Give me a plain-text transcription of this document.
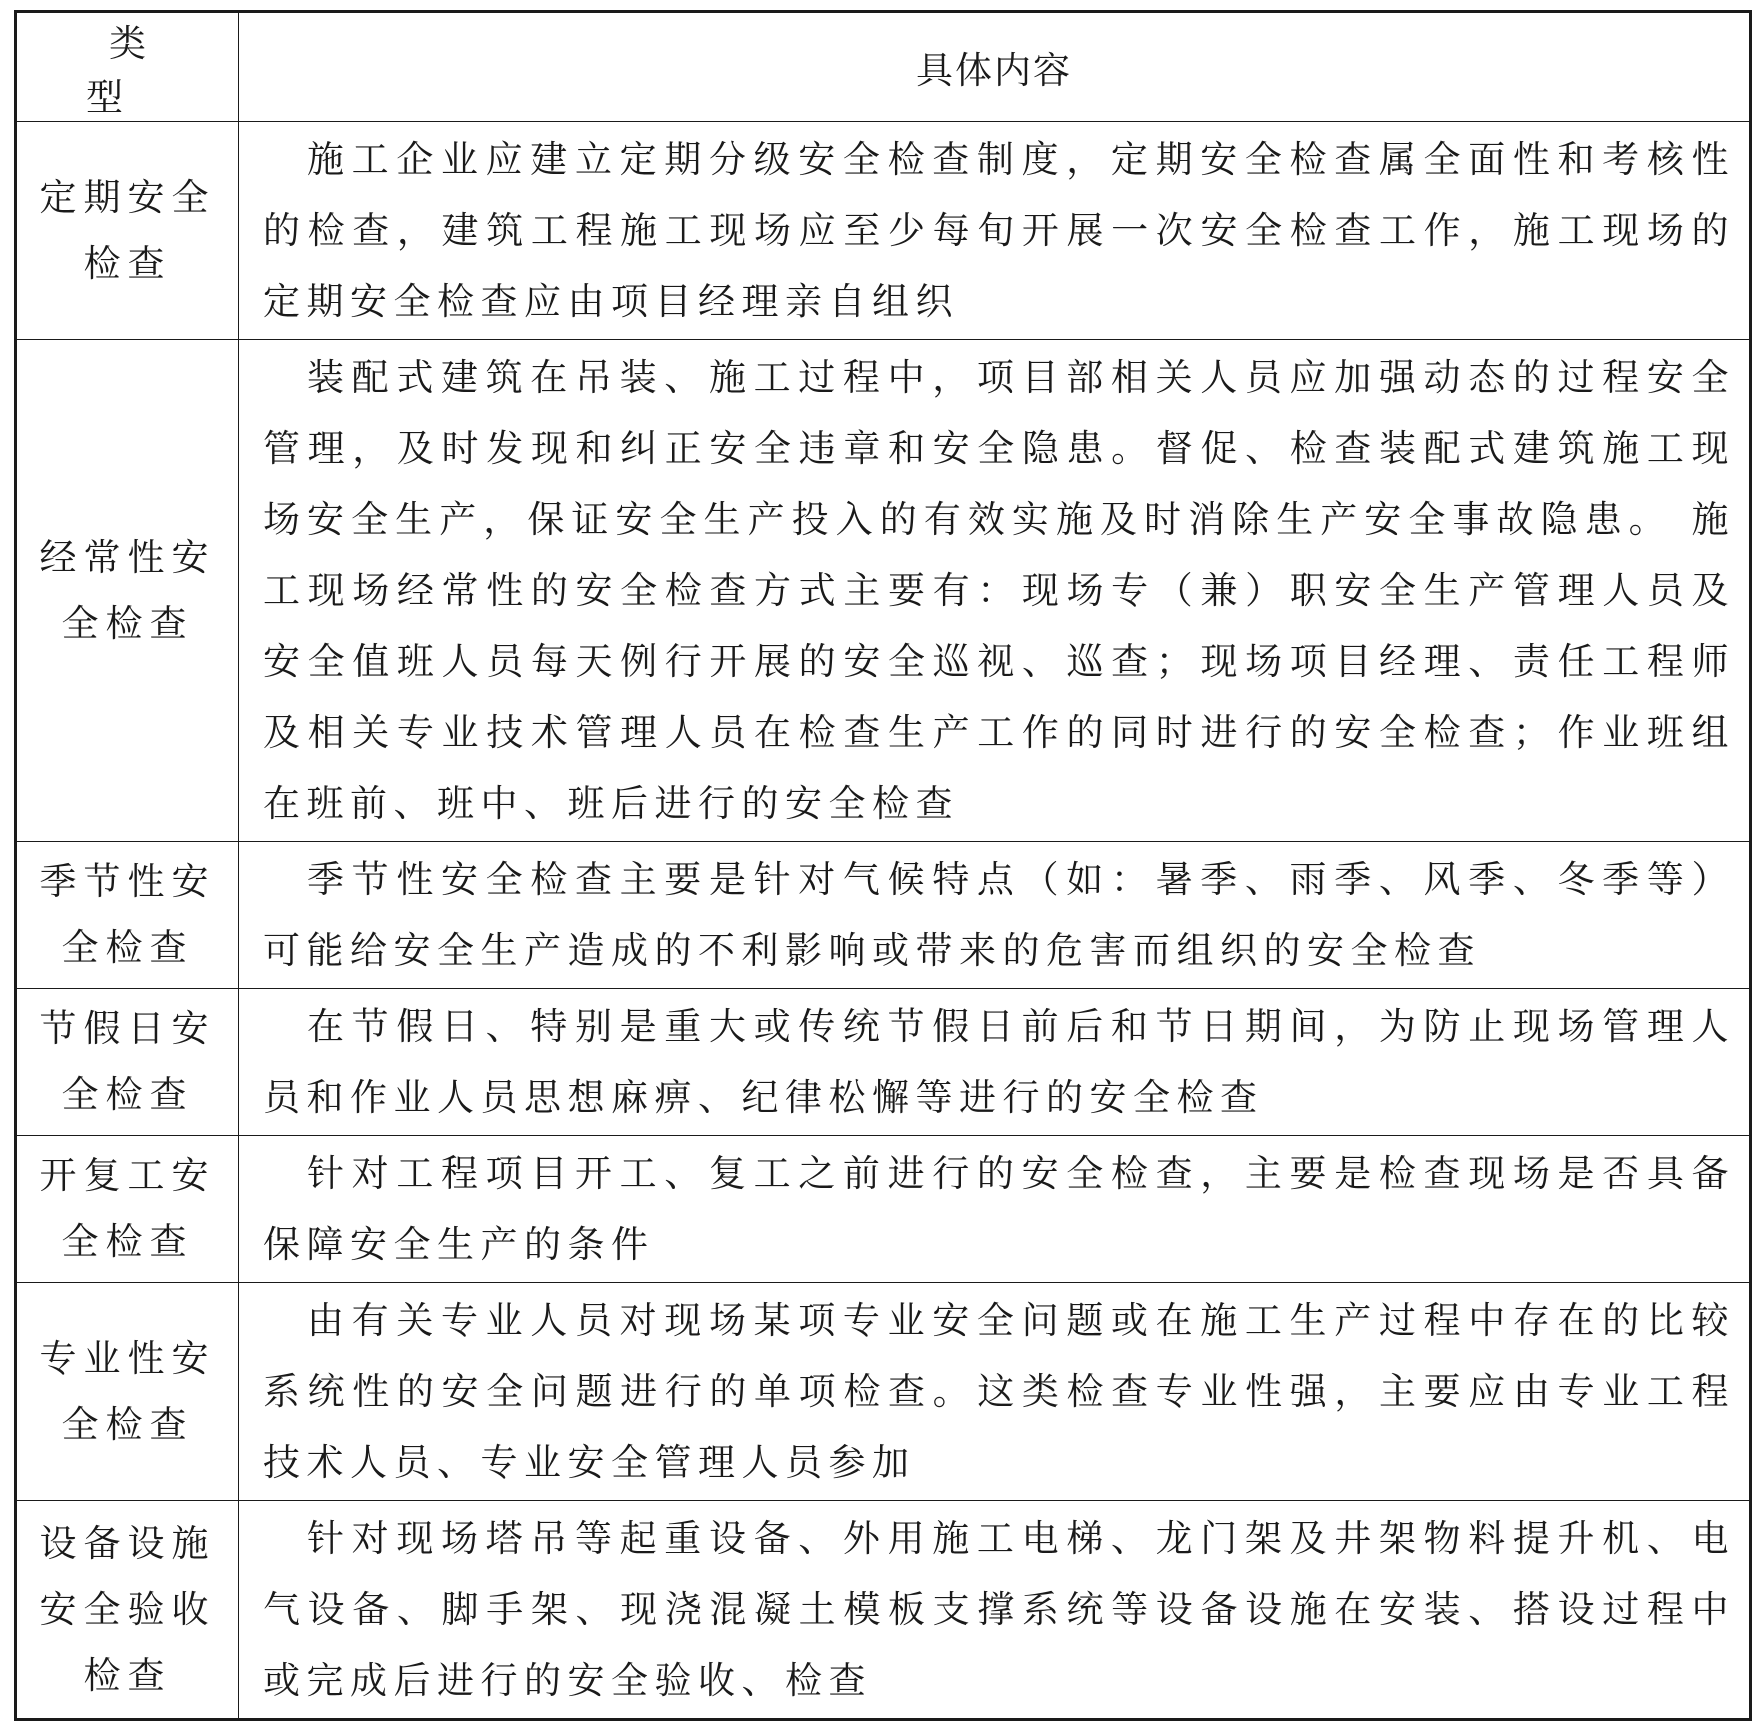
类　型	具体内容
定期安全检查	施工企业应建立定期分级安全检查制度，定期安全检查属全面性和考核性的检查，建筑工程施工现场应至少每旬开展一次安全检查工作，施工现场的定期安全检查应由项目经理亲自组织
经常性安全检查	装配式建筑在吊装、施工过程中，项目部相关人员应加强动态的过程安全管理，及时发现和纠正安全违章和安全隐患。督促、检查装配式建筑施工现场安全生产，保证安全生产投入的有效实施及时消除生产安全事故隐患。 施工现场经常性的安全检查方式主要有：现场专（兼）职安全生产管理人员及安全值班人员每天例行开展的安全巡视、巡查；现场项目经理、责任工程师及相关专业技术管理人员在检查生产工作的同时进行的安全检查；作业班组在班前、班中、班后进行的安全检查
季节性安全检查	季节性安全检查主要是针对气候特点（如：暑季、雨季、风季、冬季等）可能给安全生产造成的不利影响或带来的危害而组织的安全检查
节假日安全检查	在节假日、特别是重大或传统节假日前后和节日期间，为防止现场管理人员和作业人员思想麻痹、纪律松懈等进行的安全检查
开复工安全检查	针对工程项目开工、复工之前进行的安全检查，主要是检查现场是否具备保障安全生产的条件
专业性安全检查	由有关专业人员对现场某项专业安全问题或在施工生产过程中存在的比较系统性的安全问题进行的单项检查。这类检查专业性强，主要应由专业工程技术人员、专业安全管理人员参加
设备设施安全验收检查	针对现场塔吊等起重设备、外用施工电梯、龙门架及井架物料提升机、电气设备、脚手架、现浇混凝土模板支撑系统等设备设施在安装、搭设过程中或完成后进行的安全验收、检查
